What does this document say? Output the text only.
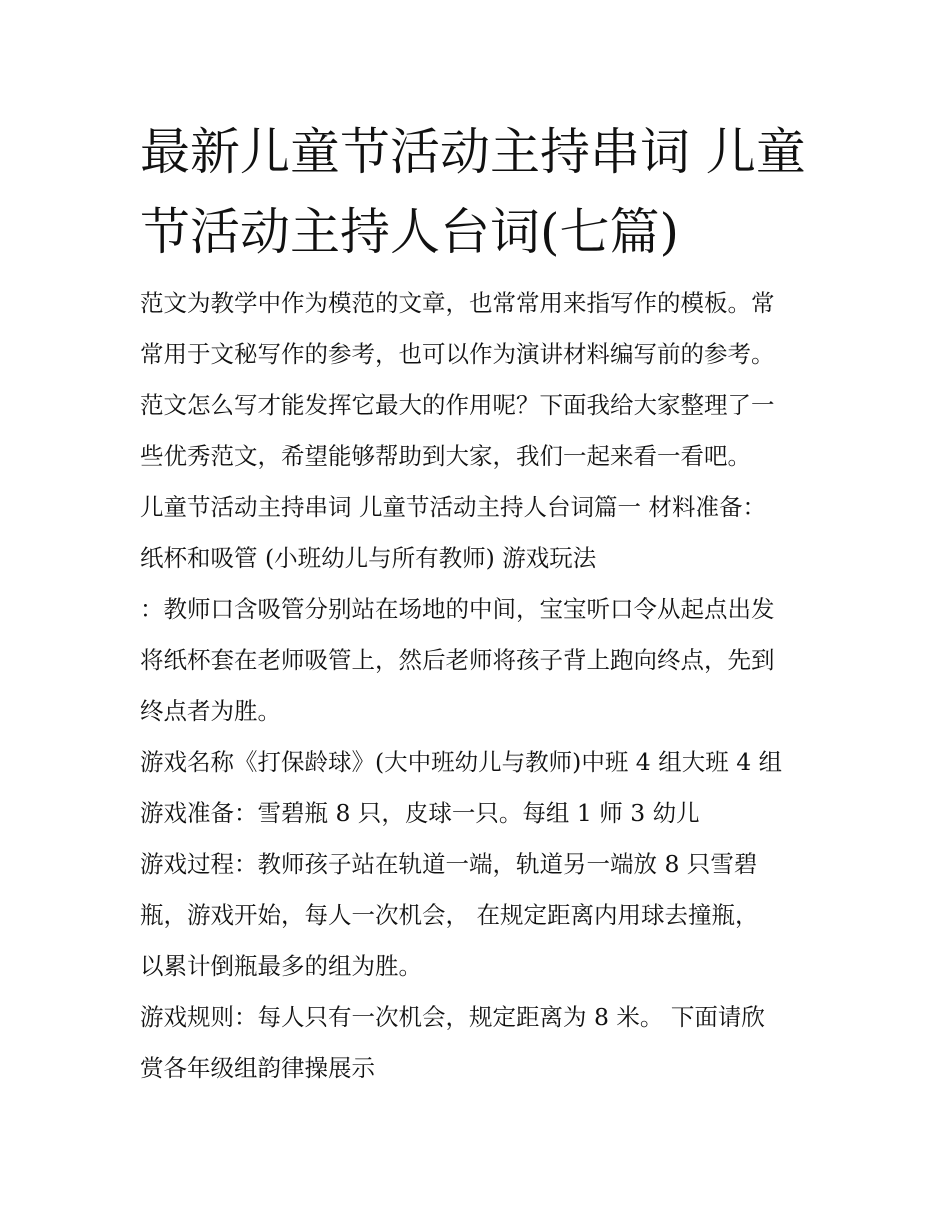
最新儿童节活动主持串词 儿童
节活动主持人台词(七篇)
范文为教学中作为模范的文章，也常常用来指写作的模板。常
常用于文秘写作的参考，也可以作为演讲材料编写前的参考。
范文怎么写才能发挥它最大的作用呢？下面我给大家整理了一
些优秀范文，希望能够帮助到大家，我们一起来看一看吧。
儿童节活动主持串词 儿童节活动主持人台词篇一 材料准备：
纸杯和吸管 (小班幼儿与所有教师) 游戏玩法
：教师口含吸管分别站在场地的中间，宝宝听口令从起点出发
将纸杯套在老师吸管上，然后老师将孩子背上跑向终点，先到
终点者为胜。
游戏名称《打保龄球》(大中班幼儿与教师)中班 4 组大班 4 组
游戏准备：雪碧瓶 8 只，皮球一只。每组 1 师 3 幼儿
游戏过程：教师孩子站在轨道一端，轨道另一端放 8 只雪碧
瓶，游戏开始，每人一次机会， 在规定距离内用球去撞瓶，
以累计倒瓶最多的组为胜。
游戏规则：每人只有一次机会，规定距离为 8 米。 下面请欣
赏各年级组韵律操展示
